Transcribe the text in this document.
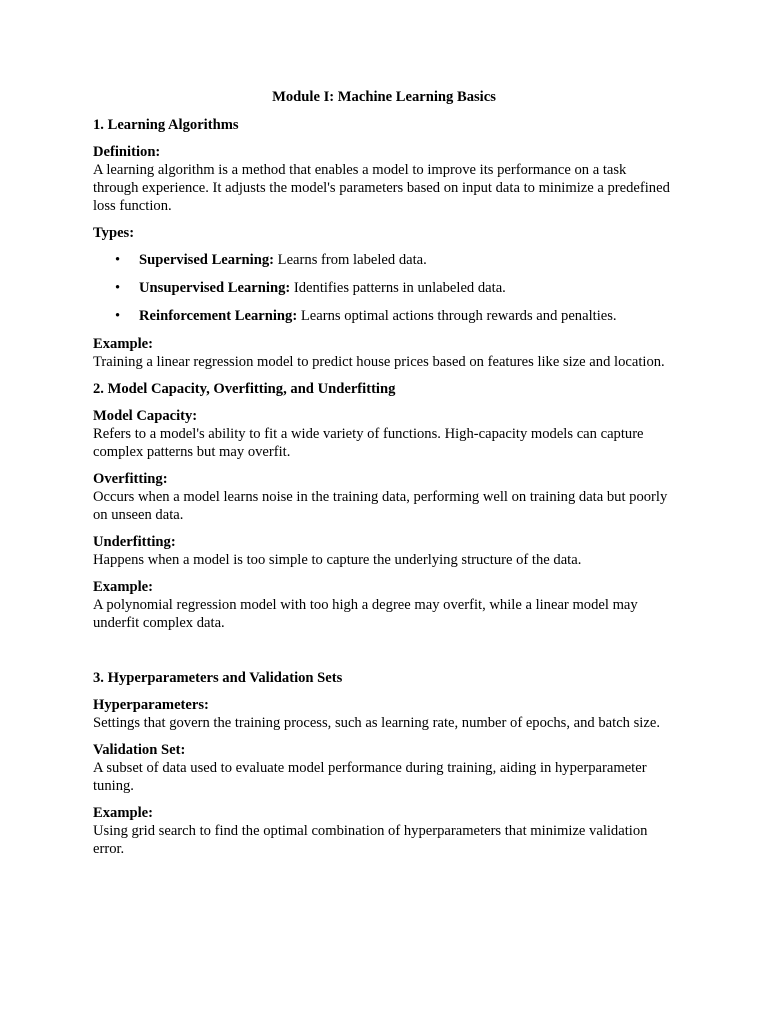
Module I: Machine Learning Basics
1. Learning Algorithms
Definition:
A learning algorithm is a method that enables a model to improve its performance on a task through experience. It adjusts the model's parameters based on input data to minimize a predefined loss function.
Types:
• Supervised Learning: Learns from labeled data.
• Unsupervised Learning: Identifies patterns in unlabeled data.
• Reinforcement Learning: Learns optimal actions through rewards and penalties.
Example:
Training a linear regression model to predict house prices based on features like size and location.
2. Model Capacity, Overfitting, and Underfitting
Model Capacity:
Refers to a model's ability to fit a wide variety of functions. High-capacity models can capture complex patterns but may overfit.
Overfitting:
Occurs when a model learns noise in the training data, performing well on training data but poorly on unseen data.
Underfitting:
Happens when a model is too simple to capture the underlying structure of the data.
Example:
A polynomial regression model with too high a degree may overfit, while a linear model may underfit complex data.
3. Hyperparameters and Validation Sets
Hyperparameters:
Settings that govern the training process, such as learning rate, number of epochs, and batch size.
Validation Set:
A subset of data used to evaluate model performance during training, aiding in hyperparameter tuning.
Example:
Using grid search to find the optimal combination of hyperparameters that minimize validation error.
